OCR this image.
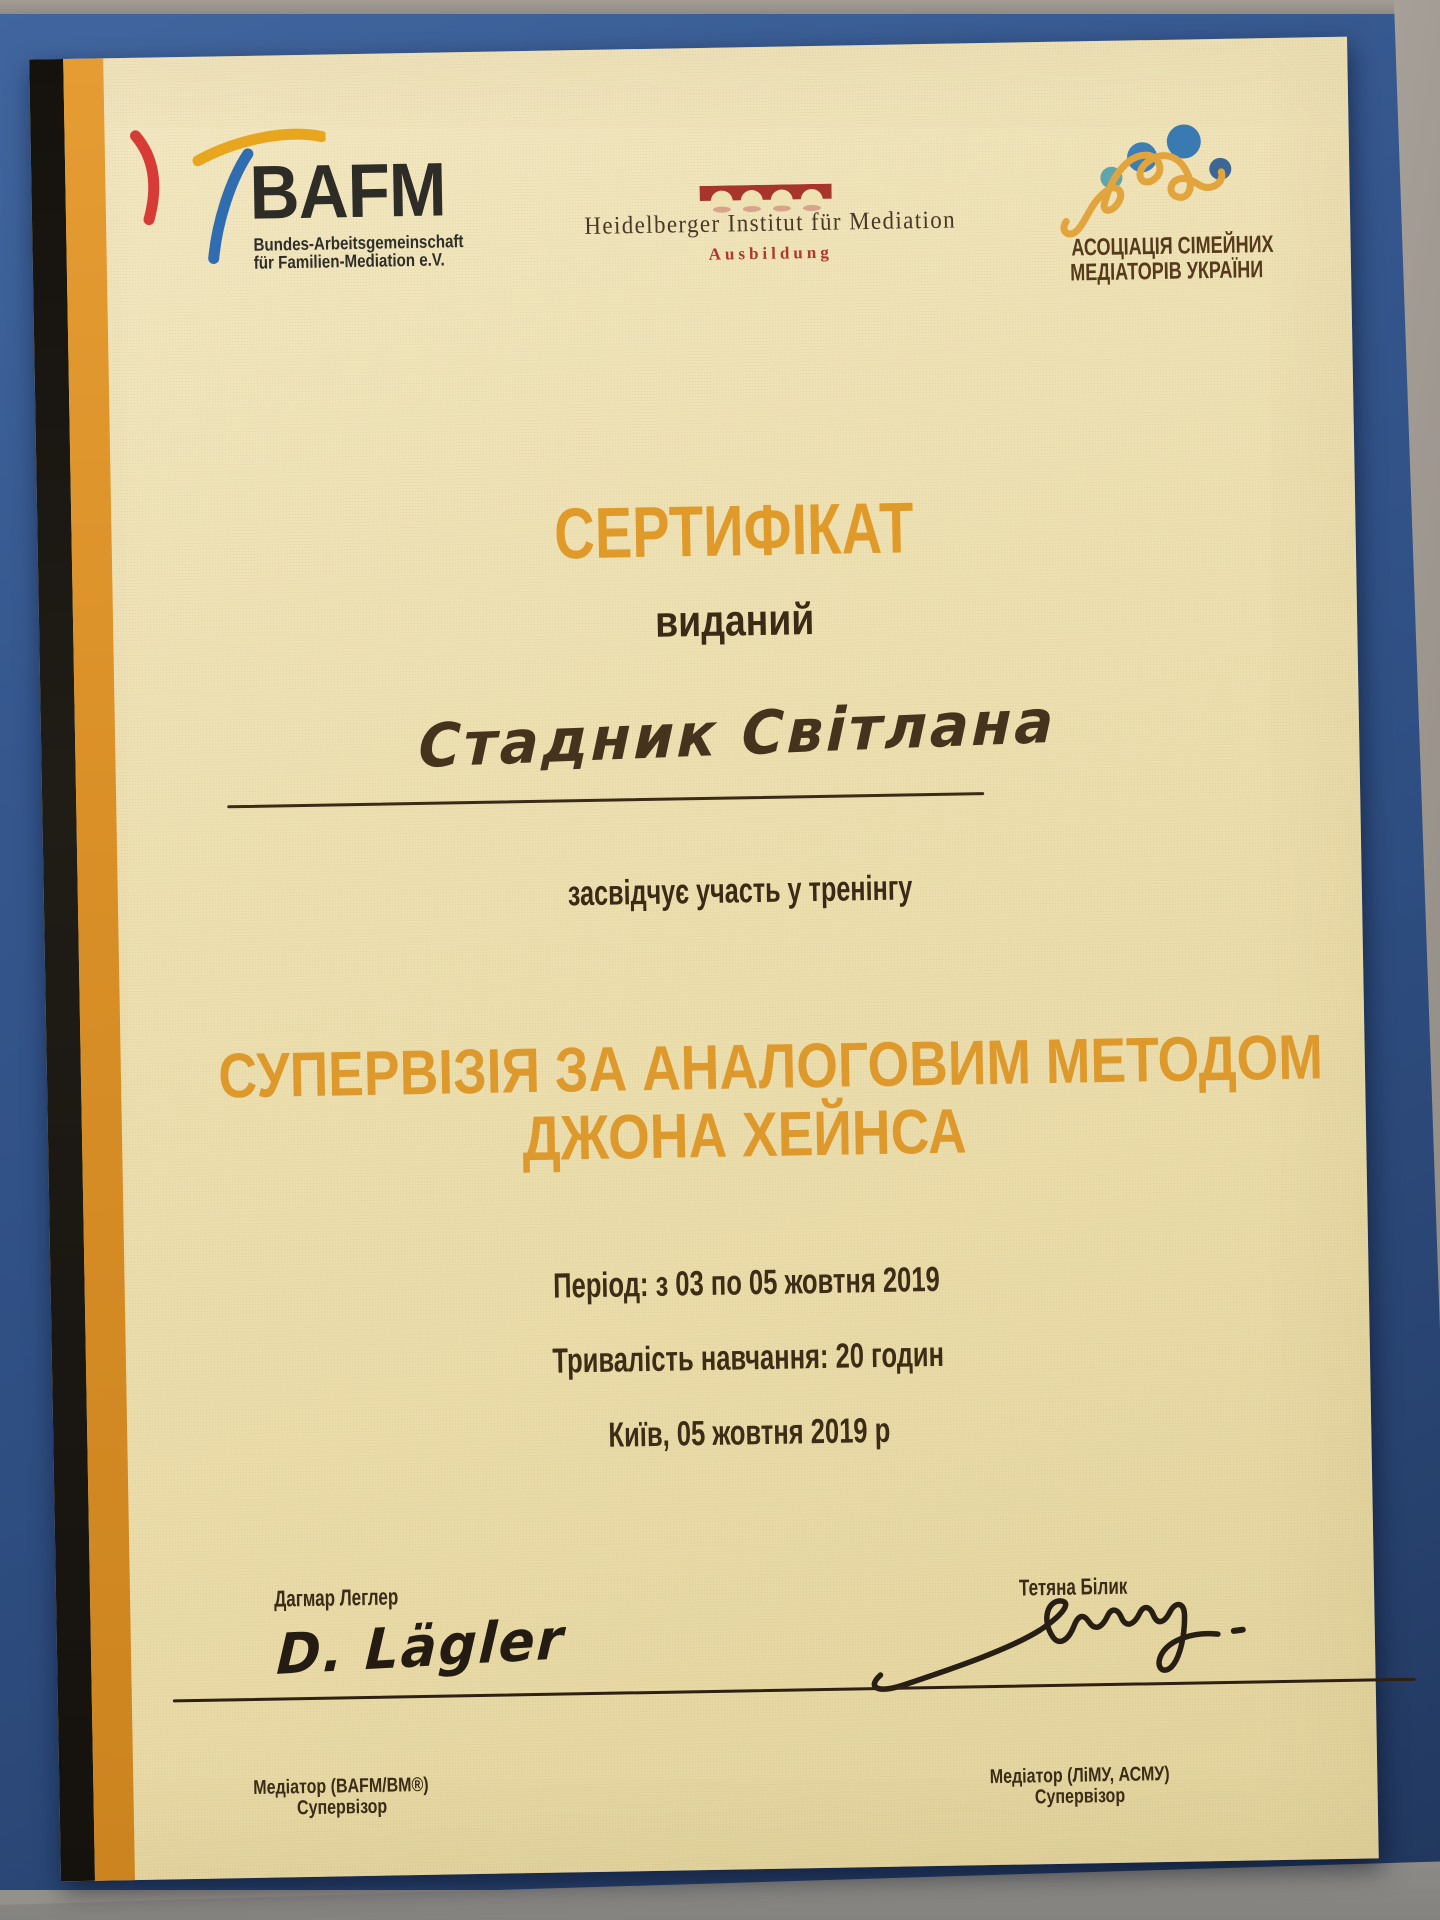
BAFM
Bundes-Arbeitsgemeinschaft
für Familien-Mediation e.V.
Heidelberger Institut für Mediation
Ausbildung	АСОЦІАЦІЯ СІМЕЙНИХ
МЕДІАТОРІВ УКРАЇНИ
СЕРТИФІКАТ
виданий
Стадник Світлана
засвідчує участь у тренінгу
СУПЕРВІЗІЯ ЗА АНАЛОГОВИМ МЕТОДОМ
ДЖОНА ХЕЙНСА
Період: з 03 по 05 жовтня 2019
Тривалість навчання: 20 годин
Київ, 05 жовтня 2019 р
Дагмар Леглер
D. Lägler
Тетяна Білик
Медіатор (BAFM/BM®)
Супервізор
Медіатор (ЛіМУ, АСМУ)
Супервізор
